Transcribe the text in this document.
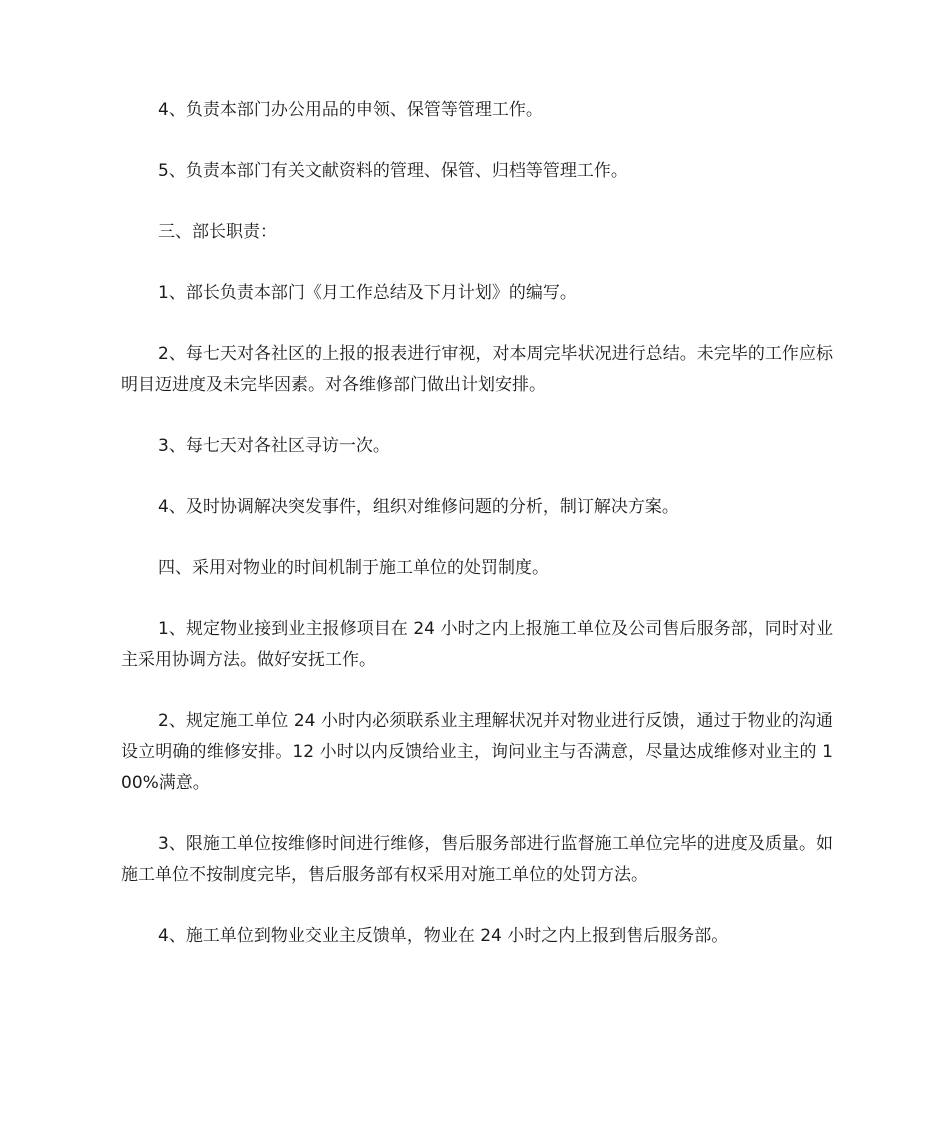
4、负责本部门办公用品的申领、保管等管理工作。

5、负责本部门有关文献资料的管理、保管、归档等管理工作。

三、部长职责：

1、部长负责本部门《月工作总结及下月计划》的编写。

2、每七天对各社区的上报的报表进行审视，对本周完毕状况进行总结。未完毕的工作应标明目迈进度及未完毕因素。对各维修部门做出计划安排。

3、每七天对各社区寻访一次。

4、及时协调解决突发事件，组织对维修问题的分析，制订解决方案。

四、采用对物业的时间机制于施工单位的处罚制度。

1、规定物业接到业主报修项目在 24 小时之内上报施工单位及公司售后服务部，同时对业主采用协调方法。做好安抚工作。

2、规定施工单位 24 小时内必须联系业主理解状况并对物业进行反馈，通过于物业的沟通设立明确的维修安排。12 小时以内反馈给业主，询问业主与否满意，尽量达成维修对业主的 100%满意。

3、限施工单位按维修时间进行维修，售后服务部进行监督施工单位完毕的进度及质量。如施工单位不按制度完毕，售后服务部有权采用对施工单位的处罚方法。

4、施工单位到物业交业主反馈单，物业在 24 小时之内上报到售后服务部。
